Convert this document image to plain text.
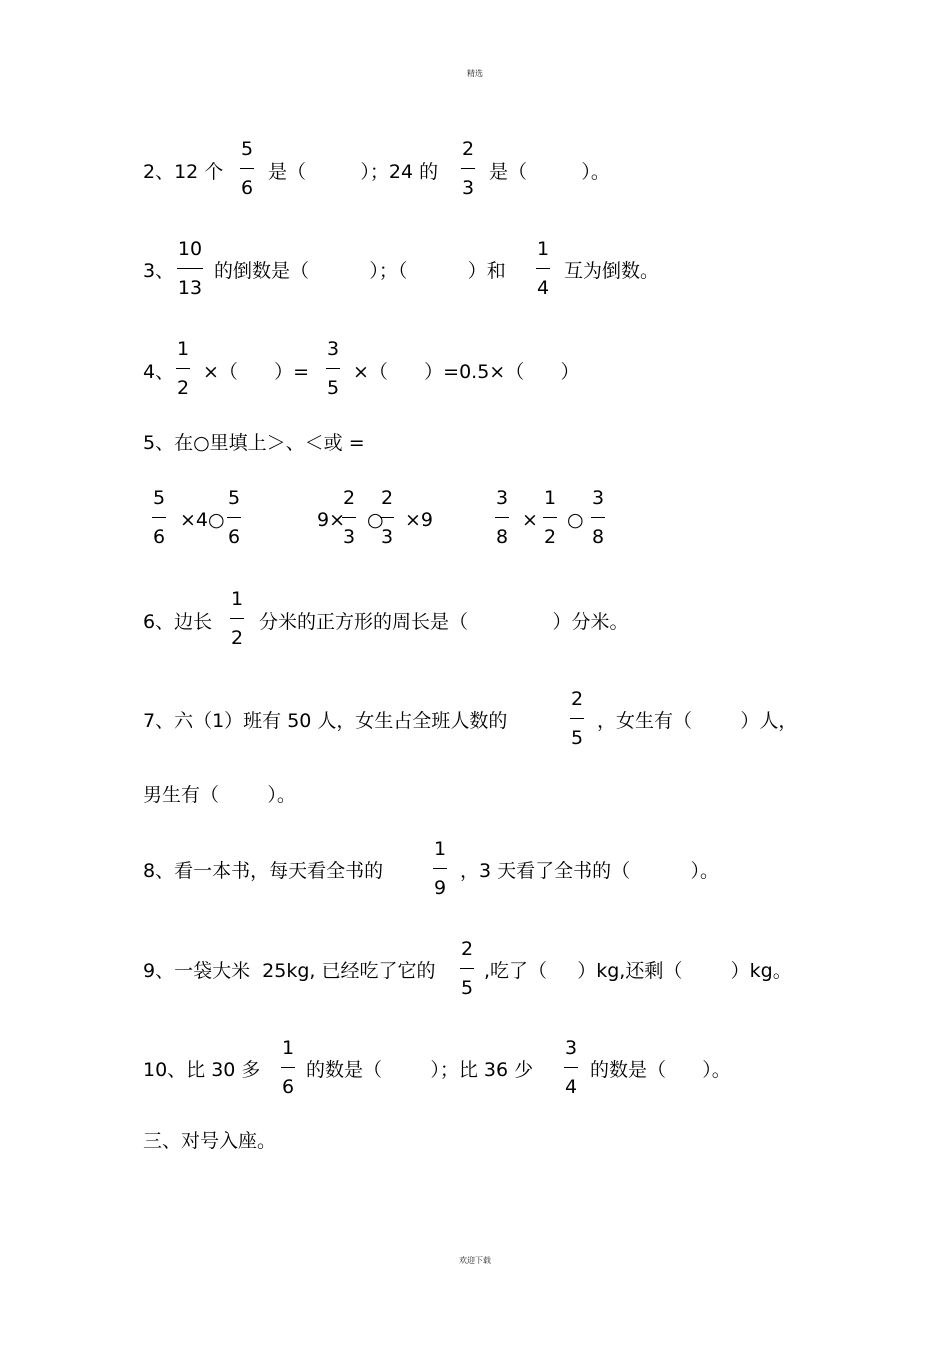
精选
2、12 个
5
6
是（         ）；24 的
2
3
是（         ）。
3、
10
13
的倒数是（          ）；（          ）和
1
4
互为倒数。
4、
1
2
×（      ）=
3
5
×（      ）=0.5×（      ）
5、在○里填上＞、＜或 =
5
6
×4○
5
6
9×
2
3
○
2
3
×9
3
8
×
1
2
○
3
8
6、边长
1
2
分米的正方形的周长是（              ）分米。
7、六（1）班有 50 人，女生占全班人数的
2
5
，女生有（        ）人，
男生有（        ）。
8、看一本书，每天看全书的
1
9
，3 天看了全书的（          ）。
9、一袋大米  25kg, 已经吃了它的
2
5
,吃了（     ）kg,还剩（        ）kg。
10、比 30 多
1
6
的数是（        ）；比 36 少
3
4
的数是（      ）。
三、对号入座。
欢迎下载
